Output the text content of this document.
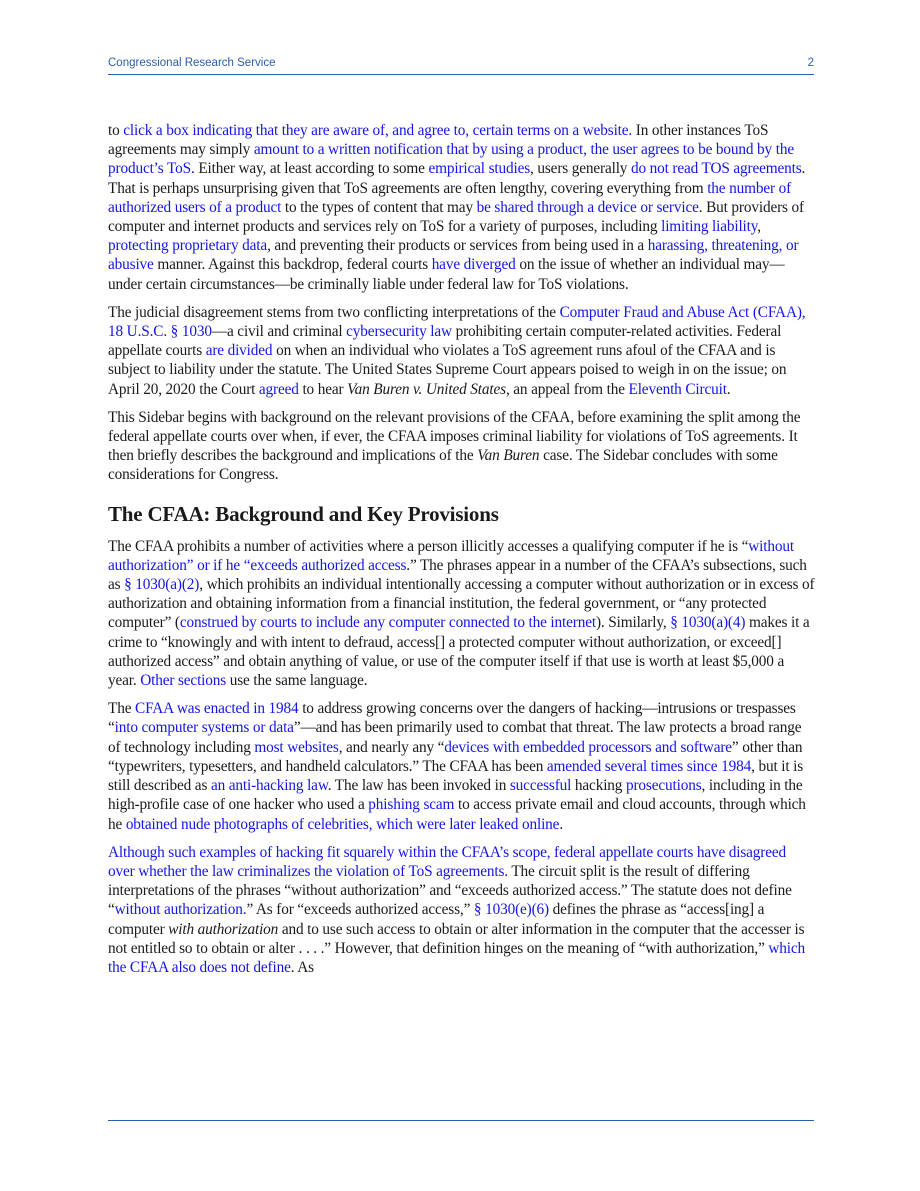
Congressional Research Service	2

to click a box indicating that they are aware of, and agree to, certain terms on a website. In other instances ToS agreements may simply amount to a written notification that by using a product, the user agrees to be bound by the product’s ToS. Either way, at least according to some empirical studies, users generally do not read TOS agreements. That is perhaps unsurprising given that ToS agreements are often lengthy, covering everything from the number of authorized users of a product to the types of content that may be shared through a device or service. But providers of computer and internet products and services rely on ToS for a variety of purposes, including limiting liability, protecting proprietary data, and preventing their products or services from being used in a harassing, threatening, or abusive manner. Against this backdrop, federal courts have diverged on the issue of whether an individual may—under certain circumstances—be criminally liable under federal law for ToS violations.

The judicial disagreement stems from two conflicting interpretations of the Computer Fraud and Abuse Act (CFAA), 18 U.S.C. § 1030—a civil and criminal cybersecurity law prohibiting certain computer-related activities. Federal appellate courts are divided on when an individual who violates a ToS agreement runs afoul of the CFAA and is subject to liability under the statute. The United States Supreme Court appears poised to weigh in on the issue; on April 20, 2020 the Court agreed to hear Van Buren v. United States, an appeal from the Eleventh Circuit.

This Sidebar begins with background on the relevant provisions of the CFAA, before examining the split among the federal appellate courts over when, if ever, the CFAA imposes criminal liability for violations of ToS agreements. It then briefly describes the background and implications of the Van Buren case. The Sidebar concludes with some considerations for Congress.

The CFAA: Background and Key Provisions

The CFAA prohibits a number of activities where a person illicitly accesses a qualifying computer if he is “without authorization” or if he “exceeds authorized access.” The phrases appear in a number of the CFAA’s subsections, such as § 1030(a)(2), which prohibits an individual intentionally accessing a computer without authorization or in excess of authorization and obtaining information from a financial institution, the federal government, or “any protected computer” (construed by courts to include any computer connected to the internet). Similarly, § 1030(a)(4) makes it a crime to “knowingly and with intent to defraud, access[] a protected computer without authorization, or exceed[] authorized access” and obtain anything of value, or use of the computer itself if that use is worth at least $5,000 a year. Other sections use the same language.

The CFAA was enacted in 1984 to address growing concerns over the dangers of hacking—intrusions or trespasses “into computer systems or data”—and has been primarily used to combat that threat. The law protects a broad range of technology including most websites, and nearly any “devices with embedded processors and software” other than “typewriters, typesetters, and handheld calculators.” The CFAA has been amended several times since 1984, but it is still described as an anti-hacking law. The law has been invoked in successful hacking prosecutions, including in the high-profile case of one hacker who used a phishing scam to access private email and cloud accounts, through which he obtained nude photographs of celebrities, which were later leaked online.

Although such examples of hacking fit squarely within the CFAA’s scope, federal appellate courts have disagreed over whether the law criminalizes the violation of ToS agreements. The circuit split is the result of differing interpretations of the phrases “without authorization” and “exceeds authorized access.” The statute does not define “without authorization.” As for “exceeds authorized access,” § 1030(e)(6) defines the phrase as “access[ing] a computer with authorization and to use such access to obtain or alter information in the computer that the accesser is not entitled so to obtain or alter . . . .” However, that definition hinges on the meaning of “with authorization,” which the CFAA also does not define. As
